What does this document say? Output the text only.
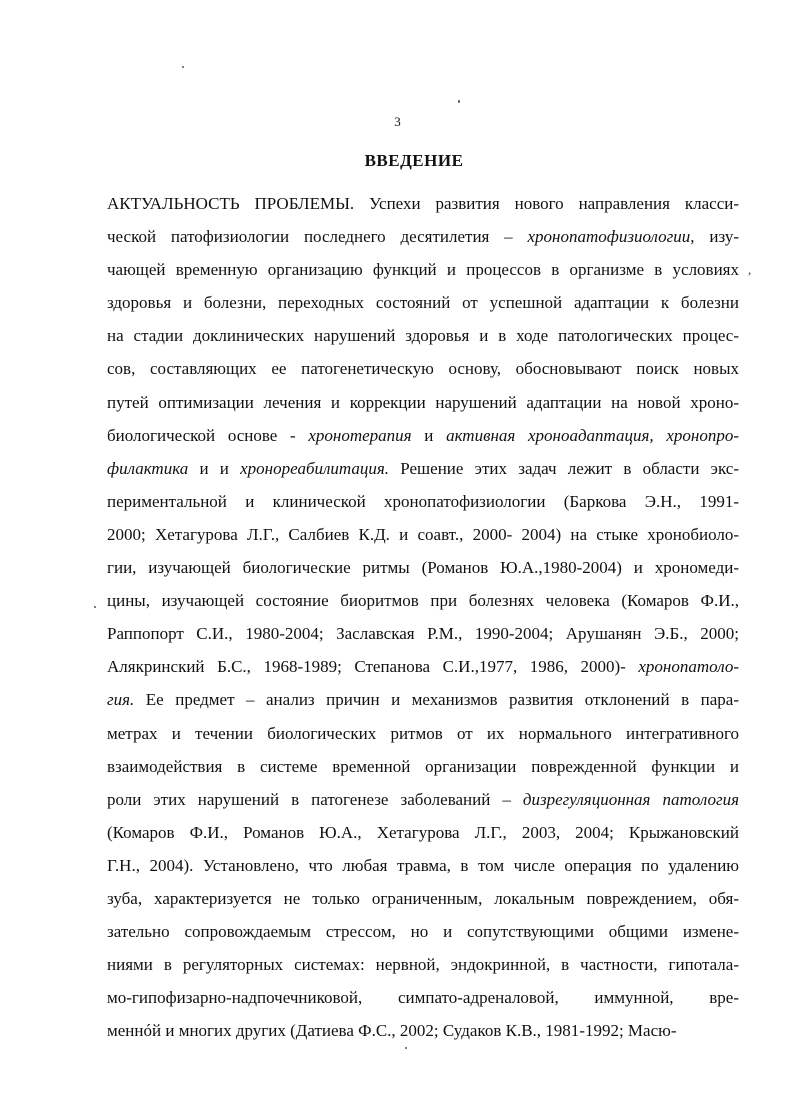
,
3
ВВЕДЕНИЕ
АКТУАЛЬНОСТЬ ПРОБЛЕМЫ. Успехи развития нового направления класси-
ческой патофизиологии последнего десятилетия – хронопатофизиологии, изу-
чающей временную организацию функций и процессов в организме в условиях
здоровья и болезни, переходных состояний от успешной адаптации к болезни
на стадии доклинических нарушений здоровья и в ходе патологических процес-
сов, составляющих ее патогенетическую основу, обосновывают поиск новых
путей оптимизации лечения и коррекции нарушений адаптации на новой хроно-
биологической основе - хронотерапия и активная хроноадаптация, хронопро-
филактика и и хронореабилитация. Решение этих задач лежит в области экс-
периментальной и клинической хронопатофизиологии (Баркова Э.Н., 1991-
2000; Хетагурова Л.Г., Салбиев К.Д. и соавт., 2000- 2004) на стыке хронобиоло-
гии, изучающей биологические ритмы (Романов Ю.А.,1980-2004) и хрономеди-
цины, изучающей состояние биоритмов при болезнях человека (Комаров Ф.И.,
Раппопорт С.И., 1980-2004; Заславская Р.М., 1990-2004; Арушанян Э.Б., 2000;
Алякринский Б.С., 1968-1989; Степанова С.И.,1977, 1986, 2000)- хронопатоло-
гия. Ее предмет – анализ причин и механизмов развития отклонений в пара-
метрах и течении биологических ритмов от их нормального интегративного
взаимодействия в системе временной организации поврежденной функции и
роли этих нарушений в патогенезе заболеваний – дизрегуляционная патология
(Комаров Ф.И., Романов Ю.А., Хетагурова Л.Г., 2003, 2004; Крыжановский
Г.Н., 2004). Установлено, что любая травма, в том числе операция по удалению
зуба, характеризуется не только ограниченным, локальным повреждением, обя-
зательно сопровождаемым стрессом, но и сопутствующими общими измене-
ниями в регуляторных системах: нервной, эндокринной, в частности, гипотала-
мо-гипофизарно-надпочечниковой, симпато-адреналовой, иммунной, вре-
меннóй и многих других (Датиева Ф.С., 2002; Судаков К.В., 1981-1992; Масю-
